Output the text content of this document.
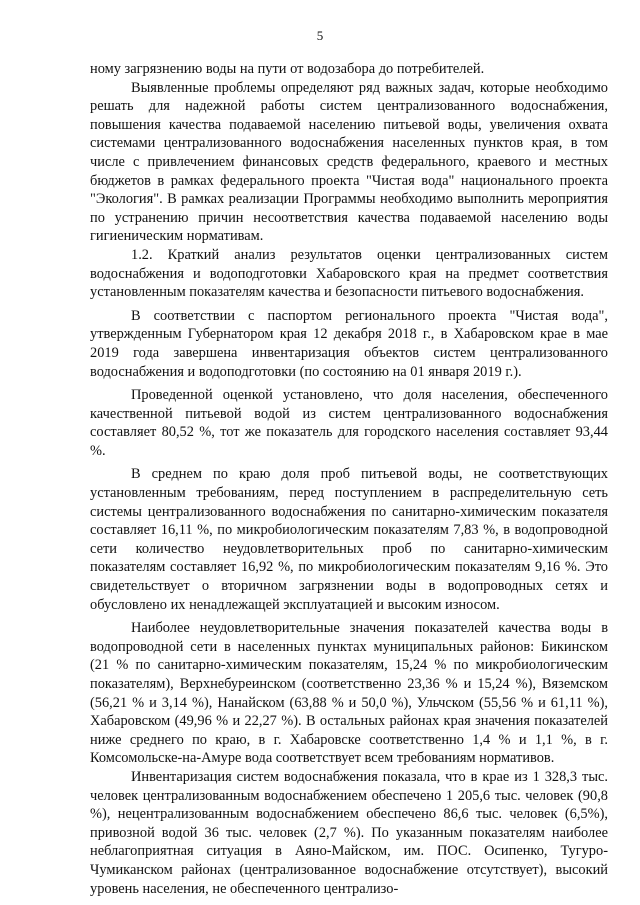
5

ному загрязнению воды на пути от водозабора до потребителей.

Выявленные проблемы определяют ряд важных задач, которые необходимо решать для надежной работы систем централизованного водоснабжения, повышения качества подаваемой населению питьевой воды, увеличения охвата системами централизованного водоснабжения населенных пунктов края, в том числе с привлечением финансовых средств федерального, краевого и местных бюджетов в рамках федерального проекта "Чистая вода" национального проекта "Экология". В рамках реализации Программы необходимо выполнить мероприятия по устранению причин несоответствия качества подаваемой населению воды гигиеническим нормативам.

1.2. Краткий анализ результатов оценки централизованных систем водоснабжения и водоподготовки Хабаровского края на предмет соответствия установленным показателям качества и безопасности питьевого водоснабжения.

В соответствии с паспортом регионального проекта "Чистая вода", утвержденным Губернатором края 12 декабря 2018 г., в Хабаровском крае в мае 2019 года завершена инвентаризация объектов систем централизованного водоснабжения и водоподготовки (по состоянию на 01 января 2019 г.).

Проведенной оценкой установлено, что доля населения, обеспеченного качественной питьевой водой из систем централизованного водоснабжения составляет 80,52 %, тот же показатель для городского населения составляет 93,44 %.

В среднем по краю доля проб питьевой воды, не соответствующих установленным требованиям, перед поступлением в распределительную сеть системы централизованного водоснабжения по санитарно-химическим показателя составляет 16,11 %, по микробиологическим показателям 7,83 %, в водопроводной сети количество неудовлетворительных проб по санитарно-химическим показателям составляет 16,92 %, по микробиологическим показателям 9,16 %. Это свидетельствует о вторичном загрязнении воды в водопроводных сетях и обусловлено их ненадлежащей эксплуатацией и высоким износом.

Наиболее неудовлетворительные значения показателей качества воды в водопроводной сети в населенных пунктах муниципальных районов: Бикинском (21 % по санитарно-химическим показателям, 15,24 % по микробиологическим показателям), Верхнебуреинском (соответственно 23,36 % и 15,24 %), Вяземском (56,21 % и 3,14 %), Нанайском (63,88 % и 50,0 %), Ульчском (55,56 % и 61,11 %), Хабаровском (49,96 % и 22,27 %). В остальных районах края значения показателей ниже среднего по краю, в г. Хабаровске соответственно 1,4 % и 1,1 %, в г. Комсомольске-на-Амуре вода соответствует всем требованиям нормативов.

Инвентаризация систем водоснабжения показала, что в крае из 1 328,3 тыс. человек централизованным водоснабжением обеспечено 1 205,6 тыс. человек (90,8 %), нецентрализованным водоснабжением обеспечено 86,6 тыс. человек (6,5%), привозной водой 36 тыс. человек (2,7 %). По указанным показателям наиболее неблагоприятная ситуация в Аяно-Майском, им. ПОС. Осипенко, Тугуро-Чумиканском районах (централизованное водоснабжение отсутствует), высокий уровень населения, не обеспеченного централизо-
